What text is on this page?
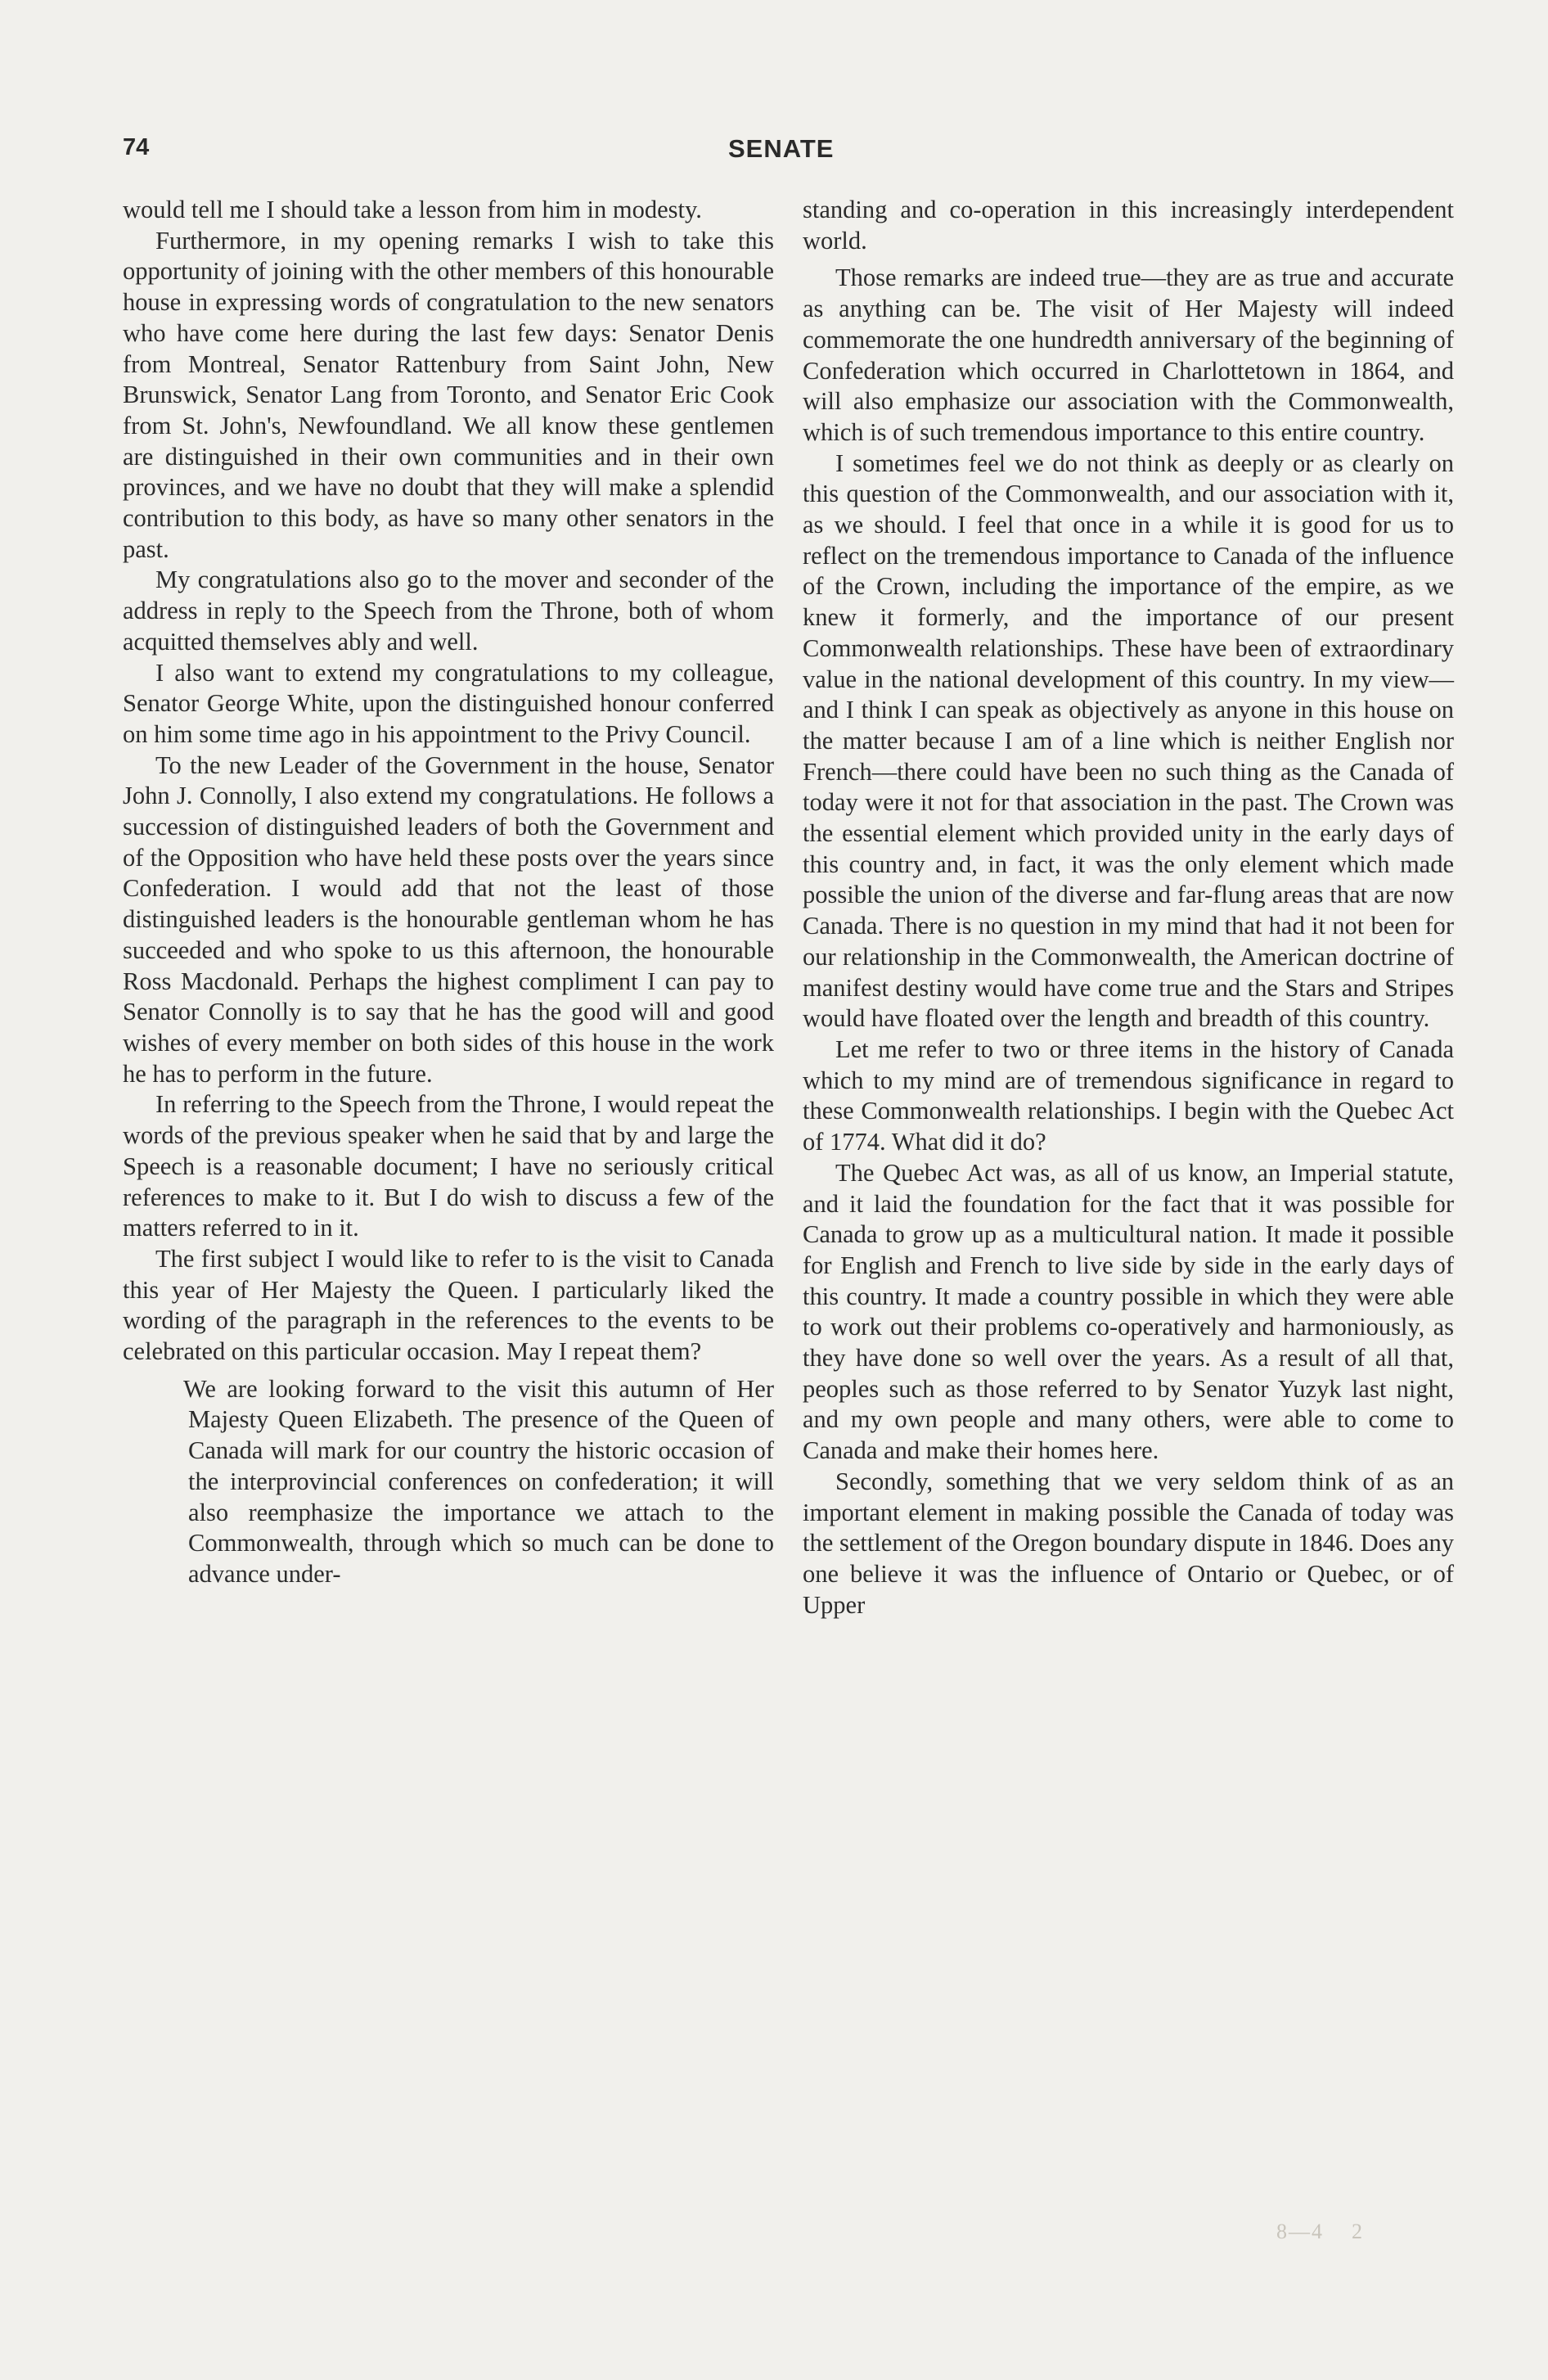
74	SENATE

would tell me I should take a lesson from him in modesty.

Furthermore, in my opening remarks I wish to take this opportunity of joining with the other members of this honourable house in expressing words of congratulation to the new senators who have come here during the last few days: Senator Denis from Montreal, Senator Rattenbury from Saint John, New Brunswick, Senator Lang from Toronto, and Senator Eric Cook from St. John's, Newfoundland. We all know these gentlemen are distinguished in their own communities and in their own provinces, and we have no doubt that they will make a splendid contribution to this body, as have so many other senators in the past.

My congratulations also go to the mover and seconder of the address in reply to the Speech from the Throne, both of whom acquitted themselves ably and well.

I also want to extend my congratulations to my colleague, Senator George White, upon the distinguished honour conferred on him some time ago in his appointment to the Privy Council.

To the new Leader of the Government in the house, Senator John J. Connolly, I also extend my congratulations. He follows a succession of distinguished leaders of both the Government and of the Opposition who have held these posts over the years since Confederation. I would add that not the least of those distinguished leaders is the honourable gentleman whom he has succeeded and who spoke to us this afternoon, the honourable Ross Macdonald. Perhaps the highest compliment I can pay to Senator Connolly is to say that he has the good will and good wishes of every member on both sides of this house in the work he has to perform in the future.

In referring to the Speech from the Throne, I would repeat the words of the previous speaker when he said that by and large the Speech is a reasonable document; I have no seriously critical references to make to it. But I do wish to discuss a few of the matters referred to in it.

The first subject I would like to refer to is the visit to Canada this year of Her Majesty the Queen. I particularly liked the wording of the paragraph in the references to the events to be celebrated on this particular occasion. May I repeat them?

We are looking forward to the visit this autumn of Her Majesty Queen Elizabeth. The presence of the Queen of Canada will mark for our country the historic occasion of the interprovincial conferences on confederation; it will also reemphasize the importance we attach to the Commonwealth, through which so much can be done to advance under-

standing and co-operation in this increasingly interdependent world.

Those remarks are indeed true—they are as true and accurate as anything can be. The visit of Her Majesty will indeed commemorate the one hundredth anniversary of the beginning of Confederation which occurred in Charlottetown in 1864, and will also emphasize our association with the Commonwealth, which is of such tremendous importance to this entire country.

I sometimes feel we do not think as deeply or as clearly on this question of the Commonwealth, and our association with it, as we should. I feel that once in a while it is good for us to reflect on the tremendous importance to Canada of the influence of the Crown, including the importance of the empire, as we knew it formerly, and the importance of our present Commonwealth relationships. These have been of extraordinary value in the national development of this country. In my view—and I think I can speak as objectively as anyone in this house on the matter because I am of a line which is neither English nor French—there could have been no such thing as the Canada of today were it not for that association in the past. The Crown was the essential element which provided unity in the early days of this country and, in fact, it was the only element which made possible the union of the diverse and far-flung areas that are now Canada. There is no question in my mind that had it not been for our relationship in the Commonwealth, the American doctrine of manifest destiny would have come true and the Stars and Stripes would have floated over the length and breadth of this country.

Let me refer to two or three items in the history of Canada which to my mind are of tremendous significance in regard to these Commonwealth relationships. I begin with the Quebec Act of 1774. What did it do?

The Quebec Act was, as all of us know, an Imperial statute, and it laid the foundation for the fact that it was possible for Canada to grow up as a multicultural nation. It made it possible for English and French to live side by side in the early days of this country. It made a country possible in which they were able to work out their problems co-operatively and harmoniously, as they have done so well over the years. As a result of all that, peoples such as those referred to by Senator Yuzyk last night, and my own people and many others, were able to come to Canada and make their homes here.

Secondly, something that we very seldom think of as an important element in making possible the Canada of today was the settlement of the Oregon boundary dispute in 1846. Does any one believe it was the influence of Ontario or Quebec, or of Upper

8—4    2
